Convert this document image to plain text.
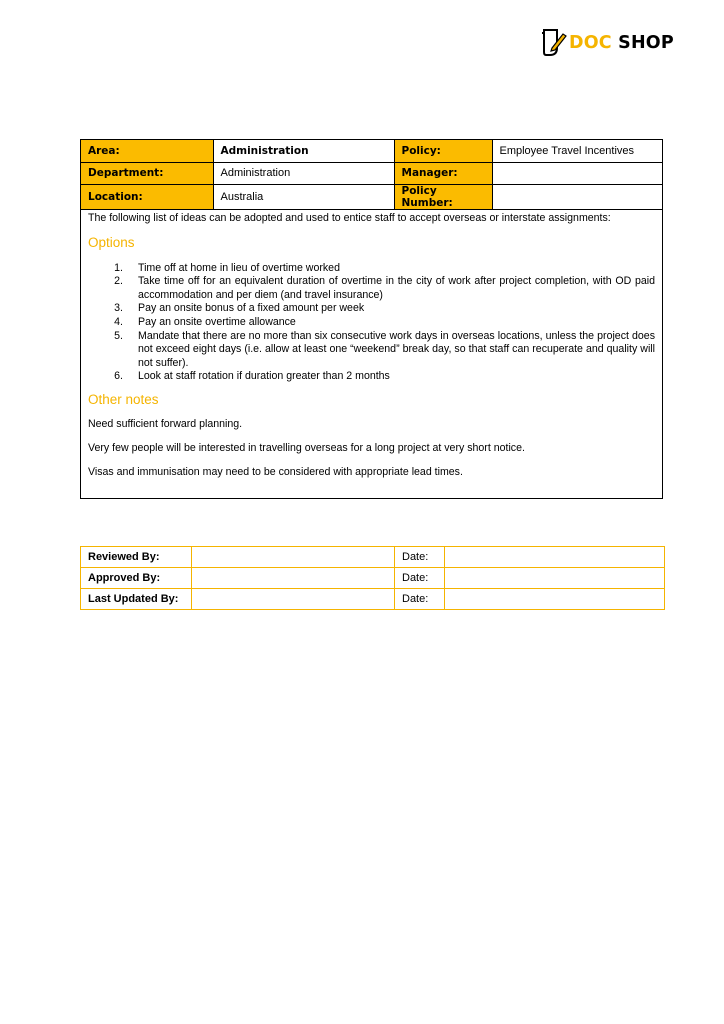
DOC SHOP
Area:	Administration	Policy:	Employee Travel Incentives
Department:	Administration	Manager:	
Location:	Australia	Policy Number:	

The following list of ideas can be adopted and used to entice staff to accept overseas or interstate assignments:

Options
1.	Time off at home in lieu of overtime worked
2.	Take time off for an equivalent duration of overtime in the city of work after project completion, with OD paid accommodation and per diem (and travel insurance)
3.	Pay an onsite bonus of a fixed amount per week
4.	Pay an onsite overtime allowance
5.	Mandate that there are no more than six consecutive work days in overseas locations, unless the project does not exceed eight days (i.e. allow at least one “weekend” break day, so that staff can recuperate and quality will not suffer).
6.	Look at staff rotation if duration greater than 2 months
Other notes

Need sufficient forward planning.

Very few people will be interested in travelling overseas for a long project at very short notice.

Visas and immunisation may need to be considered with appropriate lead times.

Reviewed By:		Date:	
Approved By:		Date:	
Last Updated By:		Date:	
